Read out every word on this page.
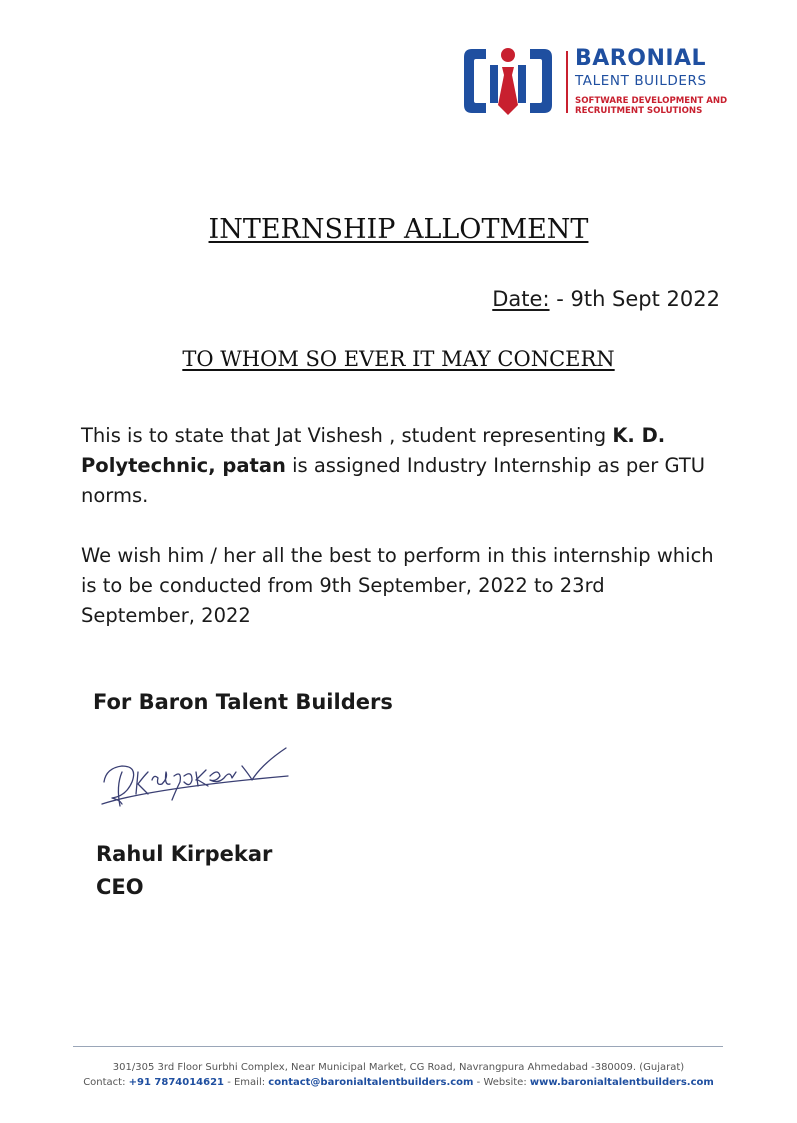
BARONIAL
TALENT BUILDERS
SOFTWARE DEVELOPMENT AND
RECRUITMENT SOLUTIONS
INTERNSHIP ALLOTMENT
Date: - 9th Sept 2022
TO WHOM SO EVER IT MAY CONCERN
This is to state that Jat Vishesh , student representing K. D. Polytechnic, patan is assigned Industry Internship as per GTU norms.
We wish him / her all the best to perform in this internship which is to be conducted from 9th September, 2022 to 23rd September, 2022
For Baron Talent Builders
Rahul Kirpekar
CEO
301/305 3rd Floor Surbhi Complex, Near Municipal Market, CG Road, Navrangpura Ahmedabad -380009. (Gujarat)
Contact: +91 7874014621 - Email: contact@baronialtalentbuilders.com - Website: www.baronialtalentbuilders.com
